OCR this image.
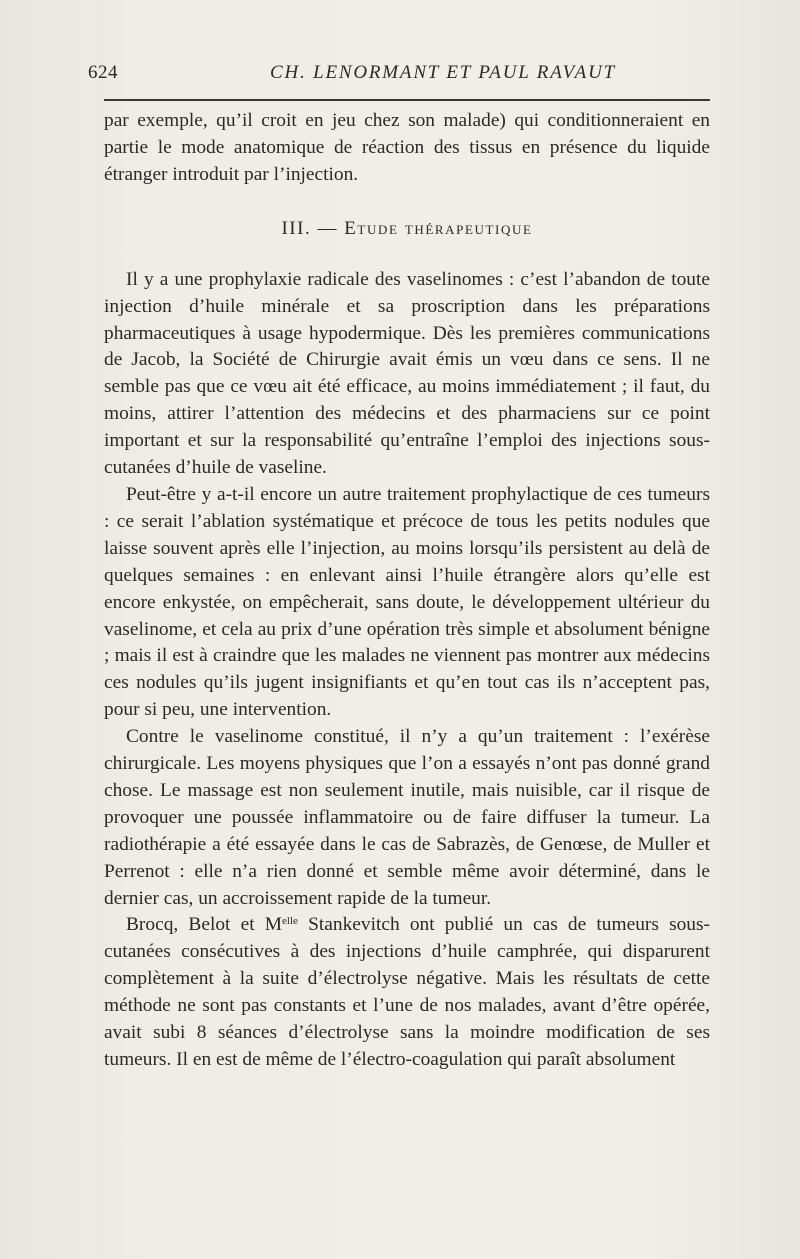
624	CH. LENORMANT ET PAUL RAVAUT

par exemple, qu’il croit en jeu chez son malade) qui conditionneraient en partie le mode anatomique de réaction des tissus en présence du liquide étranger introduit par l’injection.

III. — Etude thérapeutique

Il y a une prophylaxie radicale des vaselinomes : c’est l’abandon de toute injection d’huile minérale et sa proscription dans les préparations pharmaceutiques à usage hypodermique. Dès les premières communications de Jacob, la Société de Chirurgie avait émis un vœu dans ce sens. Il ne semble pas que ce vœu ait été efficace, au moins immédiatement ; il faut, du moins, attirer l’attention des médecins et des pharmaciens sur ce point important et sur la responsabilité qu’entraîne l’emploi des injections sous-cutanées d’huile de vaseline.

Peut-être y a-t-il encore un autre traitement prophylactique de ces tumeurs : ce serait l’ablation systématique et précoce de tous les petits nodules que laisse souvent après elle l’injection, au moins lorsqu’ils persistent au delà de quelques semaines : en enlevant ainsi l’huile étrangère alors qu’elle est encore enkystée, on empêcherait, sans doute, le développement ultérieur du vaselinome, et cela au prix d’une opération très simple et absolument bénigne ; mais il est à craindre que les malades ne viennent pas montrer aux médecins ces nodules qu’ils jugent insignifiants et qu’en tout cas ils n’acceptent pas, pour si peu, une intervention.

Contre le vaselinome constitué, il n’y a qu’un traitement : l’exérèse chirurgicale. Les moyens physiques que l’on a essayés n’ont pas donné grand chose. Le massage est non seulement inutile, mais nuisible, car il risque de provoquer une poussée inflammatoire ou de faire diffuser la tumeur. La radiothérapie a été essayée dans le cas de Sabrazès, de Genœse, de Muller et Perrenot : elle n’a rien donné et semble même avoir déterminé, dans le dernier cas, un accroissement rapide de la tumeur.

Brocq, Belot et $M^{elle}$ Stankevitch ont publié un cas de tumeurs sous-cutanées consécutives à des injections d’huile camphrée, qui disparurent complètement à la suite d’électrolyse négative. Mais les résultats de cette méthode ne sont pas constants et l’une de nos malades, avant d’être opérée, avait subi 8 séances d’électrolyse sans la moindre modification de ses tumeurs. Il en est de même de l’électro-coagulation qui paraît absolument
